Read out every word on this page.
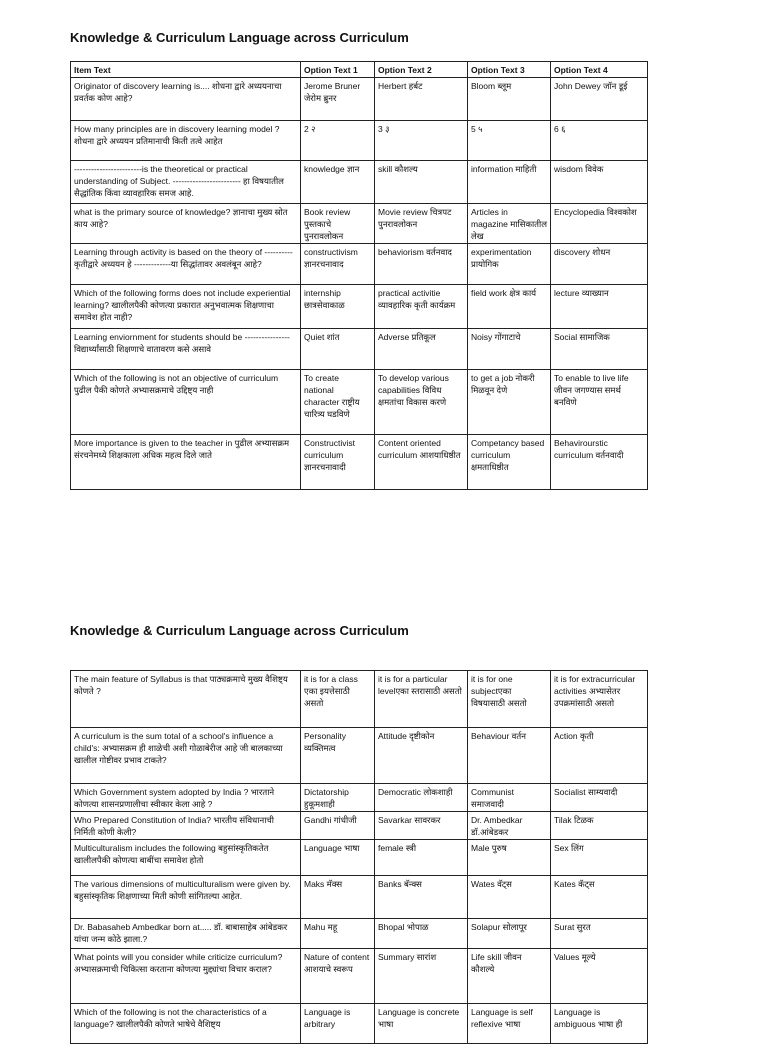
Knowledge & Curriculum Language across Curriculum
Item Text	Option Text 1	Option Text 2	Option Text 3	Option Text 4
Originator of discovery learning is.... शोधना द्वारे अध्ययनाचा प्रवर्तक कोण आहे?	Jerome Bruner जेरोम ब्रुनर	Herbert हर्बट	Bloom ब्लूम	John Dewey जॉन डूई
How many principles are in discovery learning model ? शोधना द्वारे अध्ययन प्रतिमानाची किती तत्वे आहेत	2 २	3 ३	5 ५	6 ६
------------------------is the theoretical or practical understanding of Subject. ------------------------ हा विषयातील सैद्धांतिक किंवा व्यावहारिक समज आहे.	knowledge ज्ञान	skill कौशल्य	information माहिती	wisdom विवेक
what is the primary source of knowledge? ज्ञानाचा मुख्य स्रोत काय आहे?	Book review पुस्तकाचे पुनरावलोकन	Movie review चित्रपट पुनरावलोकन	Articles in magazine मासिकातील लेख	Encyclopedia विश्वकोश
Learning through activity is based on the theory of ----------कृतीद्वारे अध्ययन हे -------------या सिद्धांतावर अवलंबून आहे?	constructivism ज्ञानरचनावाद	behaviorism वर्तनवाद	experimentation प्रायोगिक	discovery शोधन
Which of the following forms does not include experiential learning? खालीलपैकी कोणत्या प्रकारात अनुभवात्मक शिक्षणाचा समावेश होत नाही?	internship छात्रसेवाकाळ	practical activitie व्यावहारिक कृती कार्यक्रम	field work क्षेत्र कार्य	lecture व्याख्यान
Learning enviornment for students should be ---------------- विद्यार्थ्यांसाठी शिक्षणाचे वातावरण कसे असावे	Quiet शांत	Adverse प्रतिकूल	Noisy गोंगाटाचे	Social सामाजिक
Which of the following is not an objective of curriculum पुढील पैकी कोणते अभ्यासक्रमाचे उद्दिष्ट्य नाही	To create national character राष्ट्रीय चारित्र्य घडविणे	To develop various capabilities विविध क्षमतांचा विकास करणे	to get a job नोकरी मिळवून देणे	To enable to live life जीवन जगण्यास समर्थ बनविणे
More importance is given to the teacher in पुढील अभ्यासक्रम संरचनेमध्ये शिक्षकाला अधिक महत्व दिले जाते	Constructivist curriculum ज्ञानरचनावादी	Content oriented curriculum आशयाधिष्ठीत	Competancy based curriculum क्षमताधिष्ठीत	Behavirourstic curriculum वर्तनवादी
Knowledge & Curriculum Language across Curriculum
The main feature of Syllabus is that पाठ्यक्रमाचे मुख्य वैशिष्ट्य कोणते ?	it is for a class एका इयत्तेसाठी असतो	it is for a particular levelएका स्तरासाठी असतो	it is for one subjectएका विषयासाठी असतो	it is for extracurricular activities अभ्यासेतर उपक्रमांसाठी असतो
A curriculum is the sum total of a school's influence a child's: अभ्यासक्रम ही शाळेची अशी गोळाबेरीज आहे जी बालकाच्या खालील गोष्टीवर प्रभाव टाकते?	Personality व्यक्तिमत्व	Attitude दृष्टीकोन	Behaviour वर्तन	Action कृती
Which Government system adopted by India ? भारताने कोणत्या शासनप्रणालीचा स्वीकार केला आहे ?	Dictatorship हुकूमशाही	Democratic लोकशाही	Communist समाजवादी	Socialist साम्यवादी
Who Prepared Constitution of India? भारतीय संविधानाची निर्मिती कोणी केली?	Gandhi गांधीजी	Savarkar सावरकर	Dr. Ambedkar डॉ.आंबेडकर	Tilak टिळक
Multiculturalism includes the following बहुसांस्कृतिकतेत खालीलपैकी कोणत्या बाबींचा समावेश होतो	Language भाषा	female स्त्री	Male पुरुष	Sex लिंग
The various dimensions of multiculturalism were given by. बहुसांस्कृतिक शिक्षणाच्या मिती कोणी सांगितल्या आहेत.	Maks मॅक्स	Banks बॅन्क्स	Wates वॅट्स	Kates कॅट्स
Dr. Babasaheb Ambedkar born at..... डॉ. बाबासाहेब आंबेडकर यांचा जन्म कोठे झाला.?	Mahu महू	Bhopal भोपाळ	Solapur सोलापूर	Surat सुरत
What points will you consider while criticize curriculum? अभ्यासक्रमाची चिकित्सा करताना कोणत्या मुद्द्यांचा विचार कराल?	Nature of content आशयाचे स्वरूप	Summary सारांश	Life skill जीवन कौशल्ये	Values मूल्ये
Which of the following is not the characteristics of a language? खालीलपैकी कोणते भाषेचे वैशिष्ट्य	Language is arbitrary	Language is concrete भाषा	Language is self reflexive भाषा	Language is ambiguous भाषा ही
